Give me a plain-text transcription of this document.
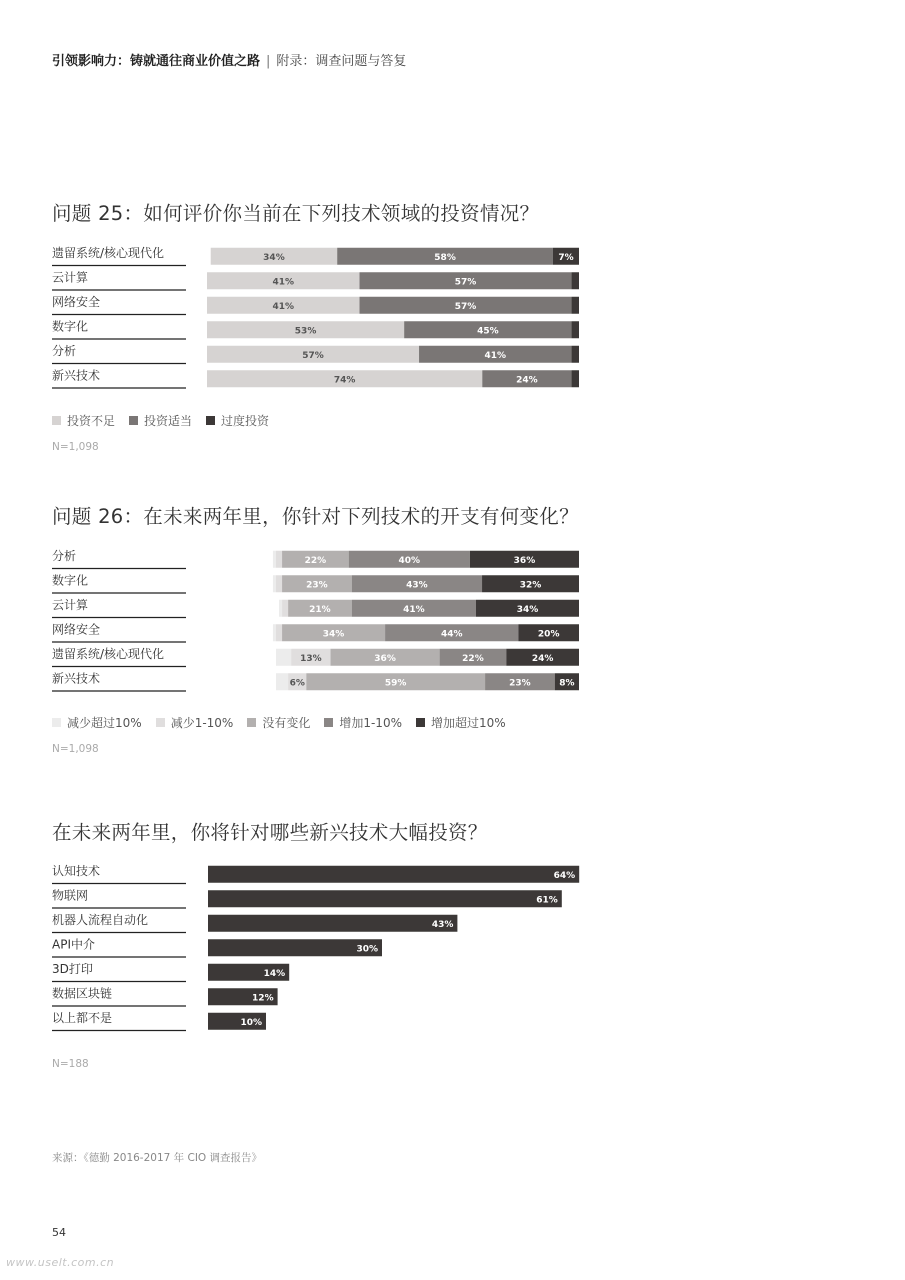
引领影响力：铸就通往商业价值之路 | 附录：调查问题与答复
问题 25：如何评价你当前在下列技术领域的投资情况？
遗留系统/核心现代化	34%	58%	7%
云计算	41%	57%
网络安全	41%	57%
数字化	53%	45%
分析	57%	41%
新兴技术	74%	24%
投资不足 投资适当 过度投资
N=1,098
问题 26：在未来两年里，你针对下列技术的开支有何变化？
分析	22%	40%	36%
数字化	23%	43%	32%
云计算	21%	41%	34%
网络安全	34%	44%	20%
遗留系统/核心现代化	13%	36%	22%	24%
新兴技术	6%	59%	23%	8%
减少超过10% 减少1-10% 没有变化 增加1-10% 增加超过10%
N=1,098
在未来两年里，你将针对哪些新兴技术大幅投资？
认知技术	64%
物联网	61%
机器人流程自动化	43%
API中介	30%
3D打印	14%
数据区块链	12%
以上都不是	10%
N=188
来源：《德勤 2016-2017 年 CIO 调查报告》
54
www.uselt.com.cn
